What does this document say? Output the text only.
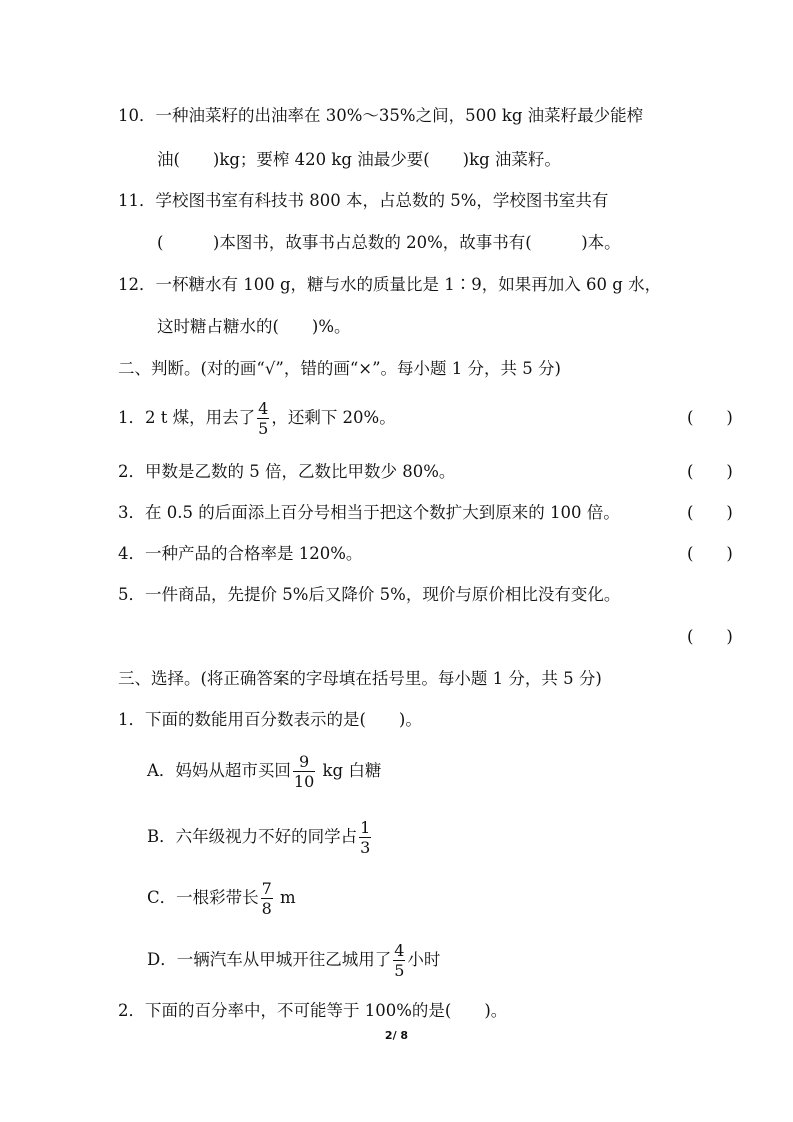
10．一种油菜籽的出油率在 30%～35%之间，500 kg 油菜籽最少能榨
油(　　)kg；要榨 420 kg 油最少要(　　)kg 油菜籽。
11．学校图书室有科技书 800 本，占总数的 5%，学校图书室共有
(　　　)本图书，故事书占总数的 20%，故事书有(　　　)本。
12．一杯糖水有 100 g，糖与水的质量比是 1∶9，如果再加入 60 g 水，
这时糖占糖水的(　　)%。
二、判断。(对的画“√”，错的画“×”。每小题 1 分，共 5 分)
1．2 t 煤，用去了 $\frac{4}{5}$ ，还剩下 20%。	(　　)
2．甲数是乙数的 5 倍，乙数比甲数少 80%。	(　　)
3．在 0.5 的后面添上百分号相当于把这个数扩大到原来的 100 倍。	(　　)
4．一种产品的合格率是 120%。	(　　)
5．一件商品，先提价 5%后又降价 5%，现价与原价相比没有变化。
(　　)
三、选择。(将正确答案的字母填在括号里。每小题 1 分，共 5 分)
1．下面的数能用百分数表示的是(　　)。
A．妈妈从超市买回 $\frac{9}{10}$ kg 白糖
B．六年级视力不好的同学占 $\frac{1}{3}$
C．一根彩带长 $\frac{7}{8}$ m
D．一辆汽车从甲城开往乙城用了 $\frac{4}{5}$ 小时
2．下面的百分率中，不可能等于 100%的是(　　)。
2/ 8
